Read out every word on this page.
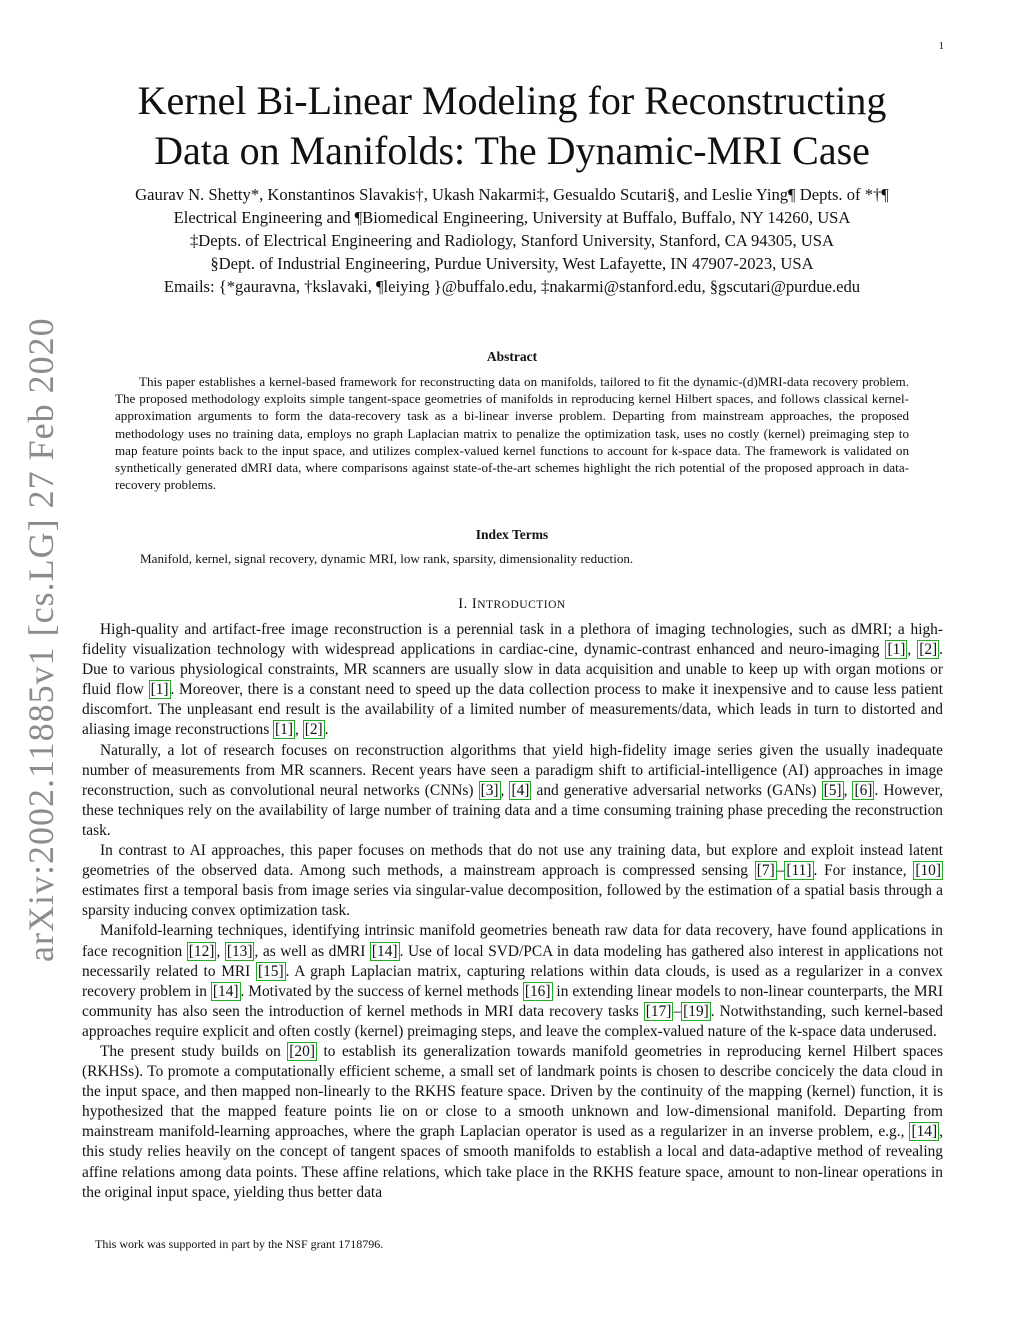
1
arXiv:2002.11885v1 [cs.LG] 27 Feb 2020
Kernel Bi-Linear Modeling for Reconstructing
Data on Manifolds: The Dynamic-MRI Case
Gaurav N. Shetty*, Konstantinos Slavakis†, Ukash Nakarmi‡, Gesualdo Scutari§, and Leslie Ying¶ Depts. of *†¶
Electrical Engineering and ¶Biomedical Engineering, University at Buffalo, Buffalo, NY 14260, USA
‡Depts. of Electrical Engineering and Radiology, Stanford University, Stanford, CA 94305, USA
§Dept. of Industrial Engineering, Purdue University, West Lafayette, IN 47907-2023, USA
Emails: {*gauravna, †kslavaki, ¶leiying }@buffalo.edu, ‡nakarmi@stanford.edu, §gscutari@purdue.edu
Abstract
This paper establishes a kernel-based framework for reconstructing data on manifolds, tailored to fit the dynamic-(d)MRI-data recovery problem. The proposed methodology exploits simple tangent-space geometries of manifolds in reproducing kernel Hilbert spaces, and follows classical kernel-approximation arguments to form the data-recovery task as a bi-linear inverse problem. Departing from mainstream approaches, the proposed methodology uses no training data, employs no graph Laplacian matrix to penalize the optimization task, uses no costly (kernel) preimaging step to map feature points back to the input space, and utilizes complex-valued kernel functions to account for k-space data. The framework is validated on synthetically generated dMRI data, where comparisons against state-of-the-art schemes highlight the rich potential of the proposed approach in data-recovery problems.
Index Terms
Manifold, kernel, signal recovery, dynamic MRI, low rank, sparsity, dimensionality reduction.
I. INTRODUCTION

High-quality and artifact-free image reconstruction is a perennial task in a plethora of imaging technologies, such as dMRI; a high-fidelity visualization technology with widespread applications in cardiac-cine, dynamic-contrast enhanced and neuro-imaging [1] , [2] . Due to various physiological constraints, MR scanners are usually slow in data acquisition and unable to keep up with organ motions or fluid flow [1] . Moreover, there is a constant need to speed up the data collection process to make it inexpensive and to cause less patient discomfort. The unpleasant end result is the availability of a limited number of measurements/data, which leads in turn to distorted and aliasing image reconstructions [1] , [2] .

Naturally, a lot of research focuses on reconstruction algorithms that yield high-fidelity image series given the usually inadequate number of measurements from MR scanners. Recent years have seen a paradigm shift to artificial-intelligence (AI) approaches in image reconstruction, such as convolutional neural networks (CNNs) [3] , [4] and generative adversarial networks (GANs) [5] , [6] . However, these techniques rely on the availability of large number of training data and a time consuming training phase preceding the reconstruction task.

In contrast to AI approaches, this paper focuses on methods that do not use any training data, but explore and exploit instead latent geometries of the observed data. Among such methods, a mainstream approach is compressed sensing [7] – [11] . For instance, [10] estimates first a temporal basis from image series via singular-value decomposition, followed by the estimation of a spatial basis through a sparsity inducing convex optimization task.

Manifold-learning techniques, identifying intrinsic manifold geometries beneath raw data for data recovery, have found applications in face recognition [12] , [13] , as well as dMRI [14] . Use of local SVD/PCA in data modeling has gathered also interest in applications not necessarily related to MRI [15] . A graph Laplacian matrix, capturing relations within data clouds, is used as a regularizer in a convex recovery problem in [14] . Motivated by the success of kernel methods [16] in extending linear models to non-linear counterparts, the MRI community has also seen the introduction of kernel methods in MRI data recovery tasks [17] – [19] . Notwithstanding, such kernel-based approaches require explicit and often costly (kernel) preimaging steps, and leave the complex-valued nature of the k-space data underused.

The present study builds on [20] to establish its generalization towards manifold geometries in reproducing kernel Hilbert spaces (RKHSs). To promote a computationally efficient scheme, a small set of landmark points is chosen to describe concicely the data cloud in the input space, and then mapped non-linearly to the RKHS feature space. Driven by the continuity of the mapping (kernel) function, it is hypothesized that the mapped feature points lie on or close to a smooth unknown and low-dimensional manifold. Departing from mainstream manifold-learning approaches, where the graph Laplacian operator is used as a regularizer in an inverse problem, e.g., [14] , this study relies heavily on the concept of tangent spaces of smooth manifolds to establish a local and data-adaptive method of revealing affine relations among data points. These affine relations, which take place in the RKHS feature space, amount to non-linear operations in the original input space, yielding thus better data

This work was supported in part by the NSF grant 1718796.
